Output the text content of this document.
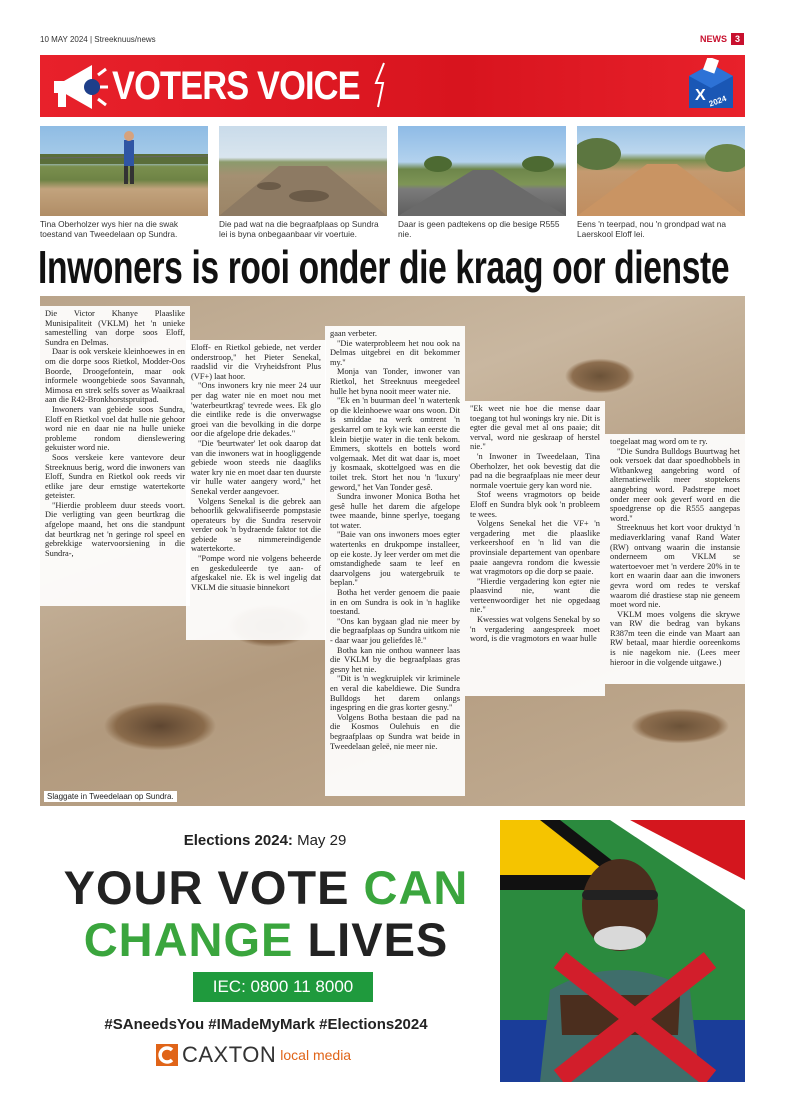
10 MAY 2024 | Streeknuus/news	NEWS 3
VOTERS VOICE	X 2024
Tina Oberholzer wys hier na die swak toestand van Tweedelaan op Sundra.
Die pad wat na die begraafplaas op Sundra lei is byna onbegaanbaar vir voertuie.
Daar is geen padtekens op die besige R555 nie.
Eens 'n teerpad, nou 'n grondpad wat na Laerskool Eloff lei.
Inwoners is rooi onder die kraag oor dienste

Die Victor Khanye Plaaslike Munisipaliteit (VKLM) het 'n unieke samestelling van dorpe soos Eloff, Sundra en Delmas.

Daar is ook verskeie kleinhoewes in en om die dorpe soos Rietkol, Modder-Oos Boorde, Droogefontein, maar ook informele woongebiede soos Savannah, Mimosa en strek selfs sover as Waaikraal aan die R42-Bronkhorstspruitpad.

Inwoners van gebiede soos Sundra, Eloff en Rietkol voel dat hulle nie gehoor word nie en daar nie na hulle unieke probleme rondom dienslewering gekuister word nie.

Soos verskeie kere vantevore deur Streeknuus berig, word die inwoners van Eloff, Sundra en Rietkol ook reeds vir etlike jare deur ernstige watertekorte geteister.

"Hierdie probleem duur steeds voort. Die verligting van geen beurtkrag die afgelope maand, het ons die standpunt dat beurtkrag net 'n geringe rol speel en gebrekkige watervoorsiening in die Sundra-,

Eloff- en Rietkol gebiede, net verder onderstroop," het Pieter Senekal, raadslid vir die Vryheidsfront Plus (VF+) laat hoor.

"Ons inwoners kry nie meer 24 uur per dag water nie en moet nou met 'waterbeurtkrag' tevrede wees. Ek glo die eintlike rede is die onverwagse groei van die bevolking in die dorpe oor die afgelope drie dekades."

"Die 'beurtwater' let ook daarop dat van die inwoners wat in hoogliggende gebiede woon steeds nie daagliks water kry nie en moet daar ten duurste vir hulle water aangery word," het Senekal verder aangevoer.

Volgens Senekal is die gebrek aan behoorlik gekwalifiseerde pompstasie operateurs by die Sundra reservoir verder ook 'n bydraende faktor tot die gebiede se nimmereindigende watertekorte.

"Pompe word nie volgens beheerde en geskeduleerde tye aan- of afgeskakel nie. Ek is wel ingelig dat VKLM die situasie binnekort

gaan verbeter.

"Die waterprobleem het nou ook na Delmas uitgebrei en dit bekommer my."

Monja van Tonder, inwoner van Rietkol, het Streeknuus meegedeel hulle het byna nooit meer water nie.

"Ek en 'n buurman deel 'n watertenk op die kleinhoewe waar ons woon. Dit is smiddae na werk omtrent 'n geskarrel om te kyk wie kan eerste die klein bietjie water in die tenk bekom. Emmers, skottels en bottels word volgemaak. Met dit wat daar is, moet jy kosmaak, skottelgoed was en die toilet trek. Stort het nou 'n 'luxury' geword," het Van Tonder gesê.

Sundra inwoner Monica Botha het gesê hulle het darem die afgelope twee maande, binne sperlye, toegang tot water.

"Baie van ons inwoners moes egter watertenks en drukpompe installeer, op eie koste. Jy leer verder om met die omstandighede saam te leef en daarvolgens jou watergebruik te beplan."

Botha het verder genoem die paaie in en om Sundra is ook in 'n haglike toestand.

"Ons kan bygaan glad nie meer by die begraafplaas op Sundra uitkom nie - daar waar jou geliefdes lê."

Botha kan nie onthou wanneer laas die VKLM by die begraafplaas gras gesny het nie.

"Dit is 'n wegkruiplek vir kriminele en veral die kabeldiewe. Die Sundra Bulldogs het darem onlangs ingespring en die gras korter gesny."

Volgens Botha bestaan die pad na die Kosmos Oulehuis en die begraafplaas op Sundra wat beide in Tweedelaan geleë, nie meer nie.

"Ek weet nie hoe die mense daar toegang tot hul wonings kry nie. Dit is egter die geval met al ons paaie; dit verval, word nie geskraap of herstel nie."

'n Inwoner in Tweedelaan, Tina Oberholzer, het ook bevestig dat die pad na die begraafplaas nie meer deur normale voertuie gery kan word nie.

Stof weens vragmotors op beide Eloff en Sundra blyk ook 'n probleem te wees.

Volgens Senekal het die VF+ 'n vergadering met die plaaslike verkeershoof en 'n lid van die provinsiale departement van openbare paaie aangevra rondom die kwessie wat vragmotors op die dorp se paaie.

"Hierdie vergadering kon egter nie plaasvind nie, want die verteenwoordiger het nie opgedaag nie."

Kwessies wat volgens Senekal by so 'n vergadering aangespreek moet word, is die vragmotors en waar hulle

toegelaat mag word om te ry.

"Die Sundra Bulldogs Buurtwag het ook versoek dat daar spoedhobbels in Witbankweg aangebring word of alternatiewelik meer stoptekens aangebring word. Padstrepe moet onder meer ook geverf word en die spoedgrense op die R555 aangepas word."

Streeknuus het kort voor druktyd 'n mediaverklaring vanaf Rand Water (RW) ontvang waarin die instansie onderneem om VKLM se watertoevoer met 'n verdere 20% in te kort en waarin daar aan die inwoners gevra word om redes te verskaf waarom dié drastiese stap nie geneem moet word nie.

VKLM moes volgens die skrywe van RW die bedrag van bykans R387m teen die einde van Maart aan RW betaal, maar hierdie ooreenkoms is nie nagekom nie. (Lees meer hieroor in die volgende uitgawe.)

Slaggate in Tweedelaan op Sundra.
Elections 2024: May 29
YOUR VOTE CAN
CHANGE LIVES
IEC: 0800 11 8000
#SAneedsYou #IMadeMyMark #Elections2024
CAXTON local media
